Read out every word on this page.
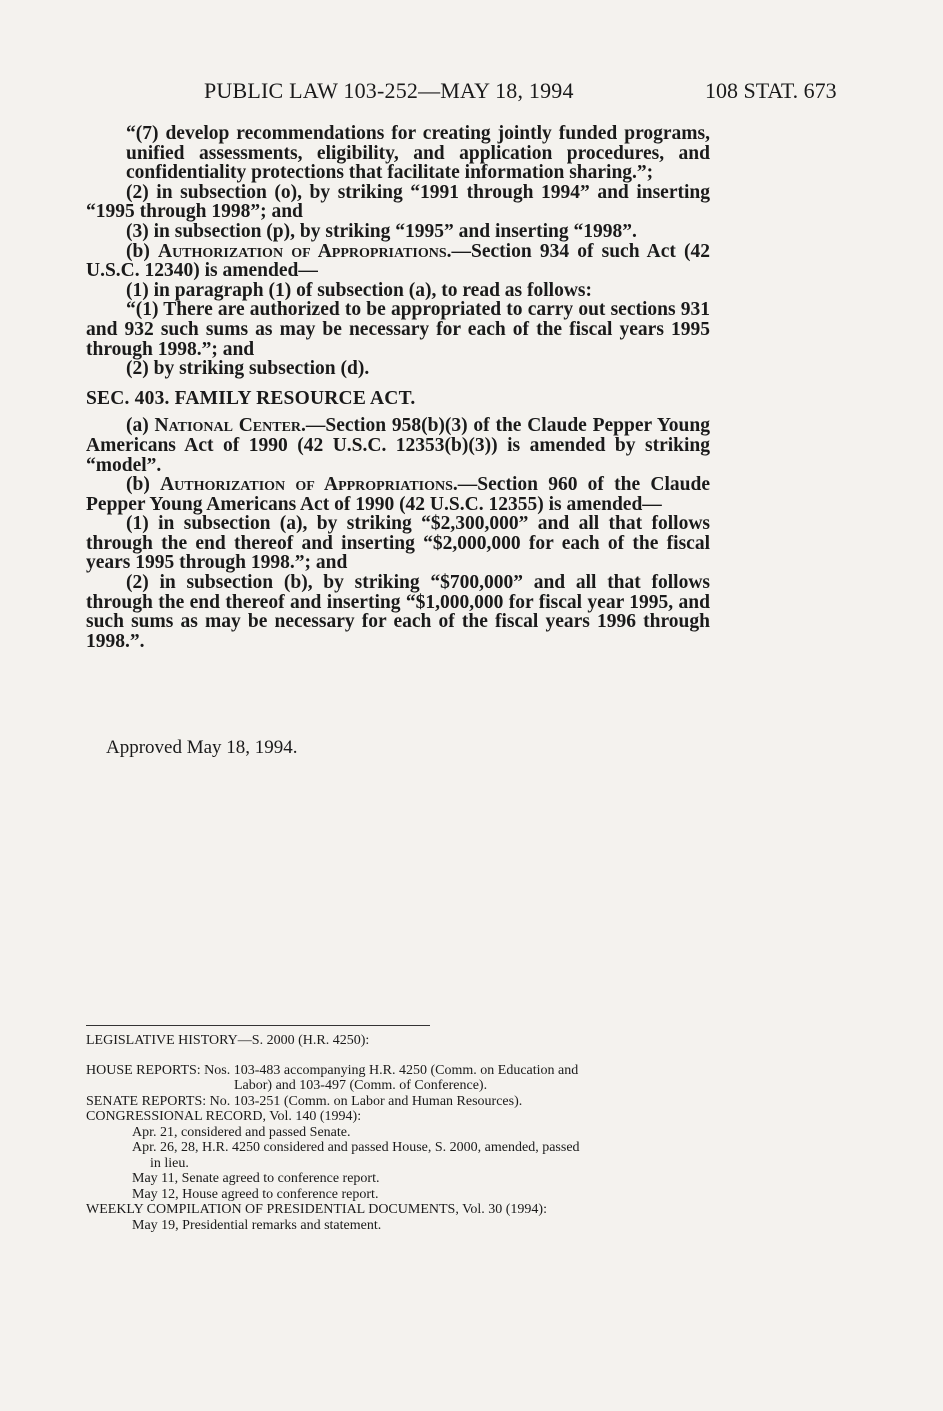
PUBLIC LAW 103-252—MAY 18, 1994	108 STAT. 673

“(7) develop recommendations for creating jointly funded programs, unified assessments, eligibility, and application procedures, and confidentiality protections that facilitate information sharing.”;

(2) in subsection (o), by striking “1991 through 1994” and inserting “1995 through 1998”; and

(3) in subsection (p), by striking “1995” and inserting “1998”.

(b) Authorization of Appropriations.—Section 934 of such Act (42 U.S.C. 12340) is amended—

(1) in paragraph (1) of subsection (a), to read as follows:

“(1) There are authorized to be appropriated to carry out sections 931 and 932 such sums as may be necessary for each of the fiscal years 1995 through 1998.”; and

(2) by striking subsection (d).

SEC. 403. FAMILY RESOURCE ACT.

(a) National Center.—Section 958(b)(3) of the Claude Pepper Young Americans Act of 1990 (42 U.S.C. 12353(b)(3)) is amended by striking “model”.

(b) Authorization of Appropriations.—Section 960 of the Claude Pepper Young Americans Act of 1990 (42 U.S.C. 12355) is amended—

(1) in subsection (a), by striking “$2,300,000” and all that follows through the end thereof and inserting “$2,000,000 for each of the fiscal years 1995 through 1998.”; and

(2) in subsection (b), by striking “$700,000” and all that follows through the end thereof and inserting “$1,000,000 for fiscal year 1995, and such sums as may be necessary for each of the fiscal years 1996 through 1998.”.

Approved May 18, 1994.
LEGISLATIVE HISTORY—S. 2000 (H.R. 4250):
HOUSE REPORTS: Nos. 103-483 accompanying H.R. 4250 (Comm. on Education and
Labor) and 103-497 (Comm. of Conference).
SENATE REPORTS: No. 103-251 (Comm. on Labor and Human Resources).
CONGRESSIONAL RECORD, Vol. 140 (1994):
Apr. 21, considered and passed Senate.
Apr. 26, 28, H.R. 4250 considered and passed House, S. 2000, amended, passed
in lieu.
May 11, Senate agreed to conference report.
May 12, House agreed to conference report.
WEEKLY COMPILATION OF PRESIDENTIAL DOCUMENTS, Vol. 30 (1994):
May 19, Presidential remarks and statement.
